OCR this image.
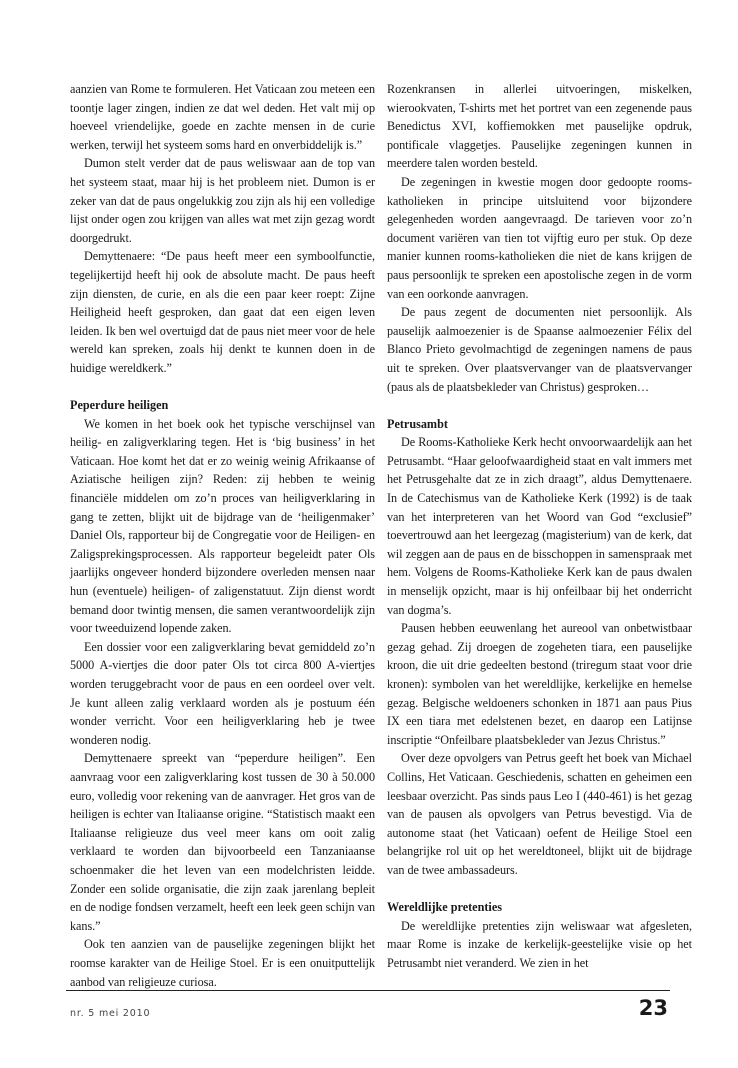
aanzien van Rome te formuleren. Het Vaticaan zou meteen een toontje lager zingen, indien ze dat wel deden. Het valt mij op hoeveel vriendelijke, goede en zachte mensen in de curie werken, terwijl het systeem soms hard en onverbiddelijk is.”

Dumon stelt verder dat de paus weliswaar aan de top van het systeem staat, maar hij is het probleem niet. Dumon is er zeker van dat de paus ongelukkig zou zijn als hij een volledige lijst onder ogen zou krijgen van alles wat met zijn gezag wordt doorgedrukt.

Demyttenaere: “De paus heeft meer een symboolfunctie, tegelijkertijd heeft hij ook de absolute macht. De paus heeft zijn diensten, de curie, en als die een paar keer roept: Zijne Heiligheid heeft gesproken, dan gaat dat een eigen leven leiden. Ik ben wel overtuigd dat de paus niet meer voor de hele wereld kan spreken, zoals hij denkt te kunnen doen in de huidige wereldkerk.”

Peperdure heiligen

We komen in het boek ook het typische verschijnsel van heilig- en zaligverklaring tegen. Het is ‘big business’ in het Vaticaan. Hoe komt het dat er zo weinig weinig Afrikaanse of Aziatische heiligen zijn? Reden: zij hebben te weinig financiële middelen om zo’n proces van heiligverklaring in gang te zetten, blijkt uit de bijdrage van de ‘heiligenmaker’ Daniel Ols, rapporteur bij de Congregatie voor de Heiligen- en Zaligsprekingsprocessen. Als rapporteur begeleidt pater Ols jaarlijks ongeveer honderd bijzondere overleden mensen naar hun (eventuele) heiligen- of zaligenstatuut. Zijn dienst wordt bemand door twintig mensen, die samen verantwoordelijk zijn voor tweeduizend lopende zaken.

Een dossier voor een zaligverklaring bevat gemiddeld zo’n 5000 A-viertjes die door pater Ols tot circa 800 A-viertjes worden teruggebracht voor de paus en een oordeel over velt. Je kunt alleen zalig verklaard worden als je postuum één wonder verricht. Voor een heiligverklaring heb je twee wonderen nodig.

Demyttenaere spreekt van “peperdure heiligen”. Een aanvraag voor een zaligverklaring kost tussen de 30 à 50.000 euro, volledig voor rekening van de aanvrager. Het gros van de heiligen is echter van Italiaanse origine. “Statistisch maakt een Italiaanse religieuze dus veel meer kans om ooit zalig verklaard te worden dan bijvoorbeeld een Tanzaniaanse schoenmaker die het leven van een modelchristen leidde. Zonder een solide organisatie, die zijn zaak jarenlang bepleit en de nodige fondsen verzamelt, heeft een leek geen schijn van kans.”

Ook ten aanzien van de pauselijke zegeningen blijkt het roomse karakter van de Heilige Stoel. Er is een onuitputtelijk aanbod van religieuze curiosa.

Rozenkransen in allerlei uitvoeringen, miskelken, wierookvaten, T-shirts met het portret van een zegenende paus Benedictus XVI, koffiemokken met pauselijke opdruk, pontificale vlaggetjes. Pauselijke zegeningen kunnen in meerdere talen worden besteld.

De zegeningen in kwestie mogen door gedoopte rooms-katholieken in principe uitsluitend voor bijzondere gelegenheden worden aangevraagd. De tarieven voor zo’n document variëren van tien tot vijftig euro per stuk. Op deze manier kunnen rooms-katholieken die niet de kans krijgen de paus persoonlijk te spreken een apostolische zegen in de vorm van een oorkonde aanvragen.

De paus zegent de documenten niet persoonlijk. Als pauselijk aalmoezenier is de Spaanse aalmoezenier Félix del Blanco Prieto gevolmachtigd de zegeningen namens de paus uit te spreken. Over plaatsvervanger van de plaatsvervanger (paus als de plaatsbekleder van Christus) gesproken…

Petrusambt

De Rooms-Katholieke Kerk hecht onvoorwaardelijk aan het Petrusambt. “Haar geloofwaardigheid staat en valt immers met het Petrusgehalte dat ze in zich draagt”, aldus Demyttenaere. In de Catechismus van de Katholieke Kerk (1992) is de taak van het interpreteren van het Woord van God “exclusief” toevertrouwd aan het leergezag (magisterium) van de kerk, dat wil zeggen aan de paus en de bisschoppen in samenspraak met hem. Volgens de Rooms-Katholieke Kerk kan de paus dwalen in menselijk opzicht, maar is hij onfeilbaar bij het onderricht van dogma’s.

Pausen hebben eeuwenlang het aureool van onbetwistbaar gezag gehad. Zij droegen de zogeheten tiara, een pauselijke kroon, die uit drie gedeelten bestond (triregum staat voor drie kronen): symbolen van het wereldlijke, kerkelijke en hemelse gezag. Belgische weldoeners schonken in 1871 aan paus Pius IX een tiara met edelstenen bezet, en daarop een Latijnse inscriptie “Onfeilbare plaatsbekleder van Jezus Christus.”

Over deze opvolgers van Petrus geeft het boek van Michael Collins, Het Vaticaan. Geschiedenis, schatten en geheimen een leesbaar overzicht. Pas sinds paus Leo I (440-461) is het gezag van de pausen als opvolgers van Petrus bevestigd. Via de autonome staat (het Vaticaan) oefent de Heilige Stoel een belangrijke rol uit op het wereldtoneel, blijkt uit de bijdrage van de twee ambassadeurs.

Wereldlijke pretenties

De wereldlijke pretenties zijn weliswaar wat afgesleten, maar Rome is inzake de kerkelijk-geestelijke visie op het Petrusambt niet veranderd. We zien in het

nr. 5 mei 2010	23
